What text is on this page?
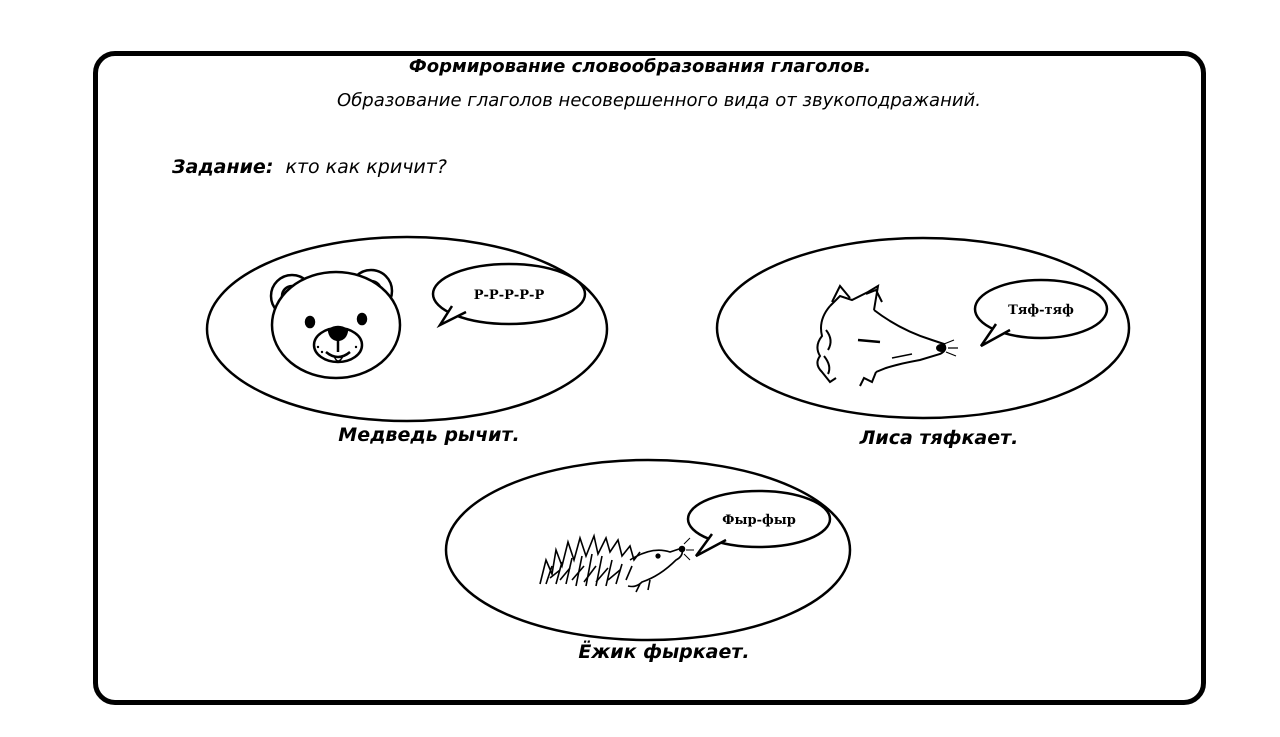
Формирование словообразования глаголов.
Образование глаголов несовершенного вида от звукоподражаний.
Задание: кто как кричит?
Р-Р-Р-Р-Р
Тяф-тяф
Фыр-фыр
Медведь рычит.	Лиса тяфкает.
Ёжик фыркает.
